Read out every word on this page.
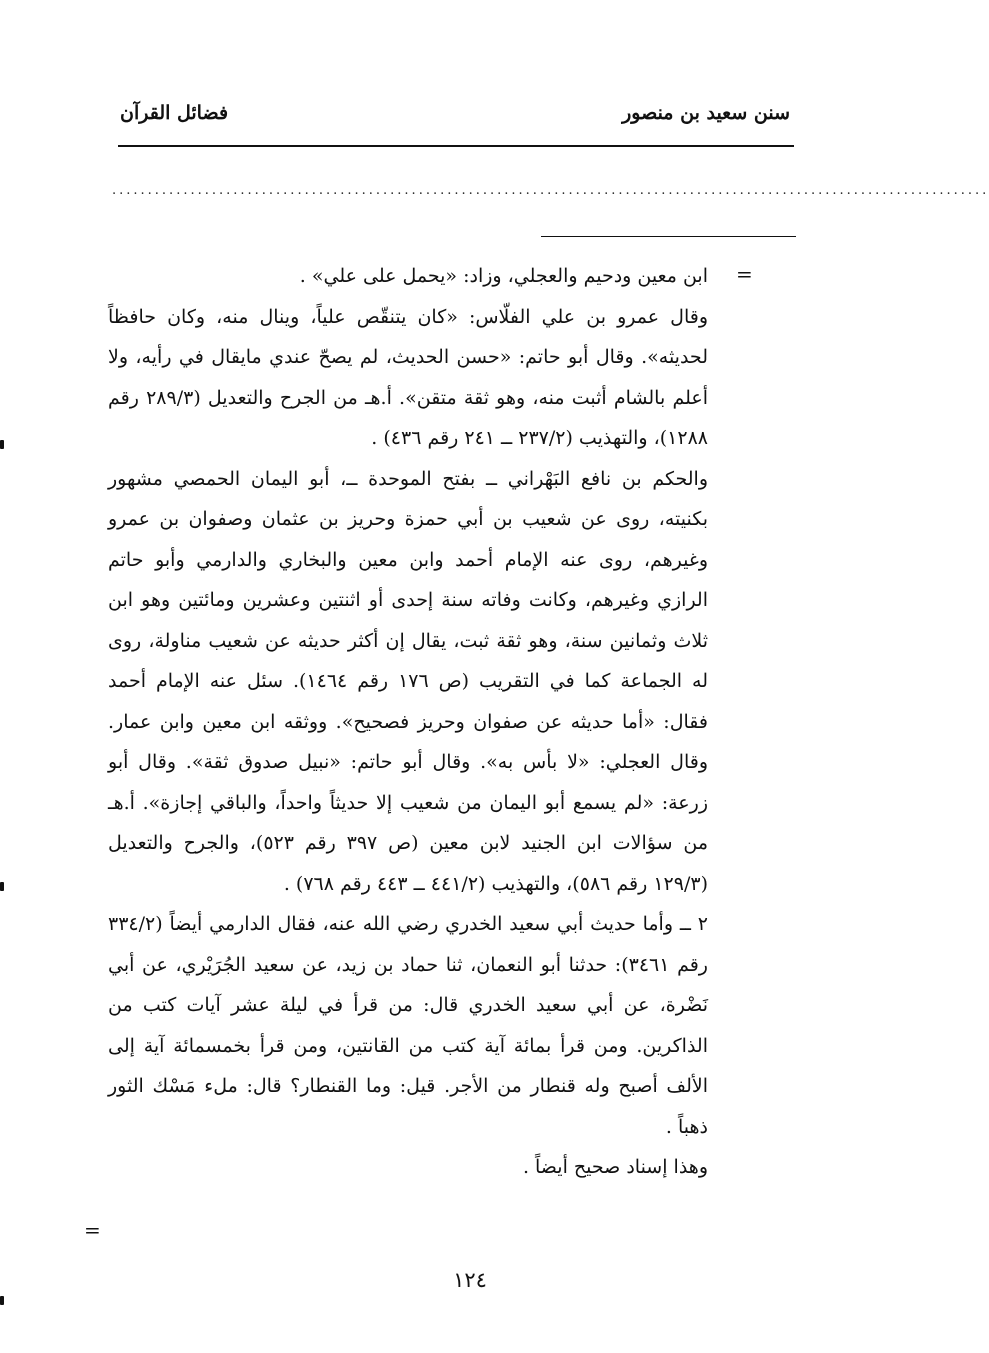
سنن سعيد بن منصور
فضائل القرآن
...........................................................................................................................
=

ابن معين ودحيم والعجلي، وزاد: «يحمل على علي» .

وقال عمرو بن علي الفلّاس: «كان يتنقّص علياً، وينال منه، وكان حافظاً لحديثه». وقال أبو حاتم: «حسن الحديث، لم يصحّ عندي مايقال في رأيه، ولا أعلم بالشام أثبت منه، وهو ثقة متقن». أ.هـ من الجرح والتعديل (٢٨٩/٣ رقم ١٢٨٨)، والتهذيب (٢٣٧/٢ ــ ٢٤١ رقم ٤٣٦) .

والحكم بن نافع البَهْراني ــ بفتح الموحدة ــ، أبو اليمان الحمصي مشهور بكنيته، روى عن شعيب بن أبي حمزة وحريز بن عثمان وصفوان بن عمرو وغيرهم، روى عنه الإمام أحمد وابن معين والبخاري والدارمي وأبو حاتم الرازي وغيرهم، وكانت وفاته سنة إحدى أو اثنتين وعشرين ومائتين وهو ابن ثلاث وثمانين سنة، وهو ثقة ثبت، يقال إن أكثر حديثه عن شعيب مناولة، روى له الجماعة كما في التقريب (ص ١٧٦ رقم ١٤٦٤). سئل عنه الإمام أحمد فقال: «أما حديثه عن صفوان وحريز فصحيح». ووثقه ابن معين وابن عمار. وقال العجلي: «لا بأس به». وقال أبو حاتم: «نبيل صدوق ثقة». وقال أبو زرعة: «لم يسمع أبو اليمان من شعيب إلا حديثاً واحداً، والباقي إجازة». أ.هـ من سؤالات ابن الجنيد لابن معين (ص ٣٩٧ رقم ٥٢٣)، والجرح والتعديل (١٢٩/٣ رقم ٥٨٦)، والتهذيب (٤٤١/٢ ــ ٤٤٣ رقم ٧٦٨) .

٢ ــ وأما حديث أبي سعيد الخدري رضي الله عنه، فقال الدارمي أيضاً (٣٣٤/٢ رقم ٣٤٦١): حدثنا أبو النعمان، ثنا حماد بن زيد، عن سعيد الجُرَيْري، عن أبي نَضْرة، عن أبي سعيد الخدري قال: من قرأ في ليلة عشر آيات كتب من الذاكرين. ومن قرأ بمائة آية كتب من القانتين، ومن قرأ بخمسمائة آية إلى الألف أصبح وله قنطار من الأجر. قيل: وما القنطار؟ قال: ملء مَسْك الثور ذهباً .

وهذا إسناد صحيح أيضاً .

=
١٢٤
